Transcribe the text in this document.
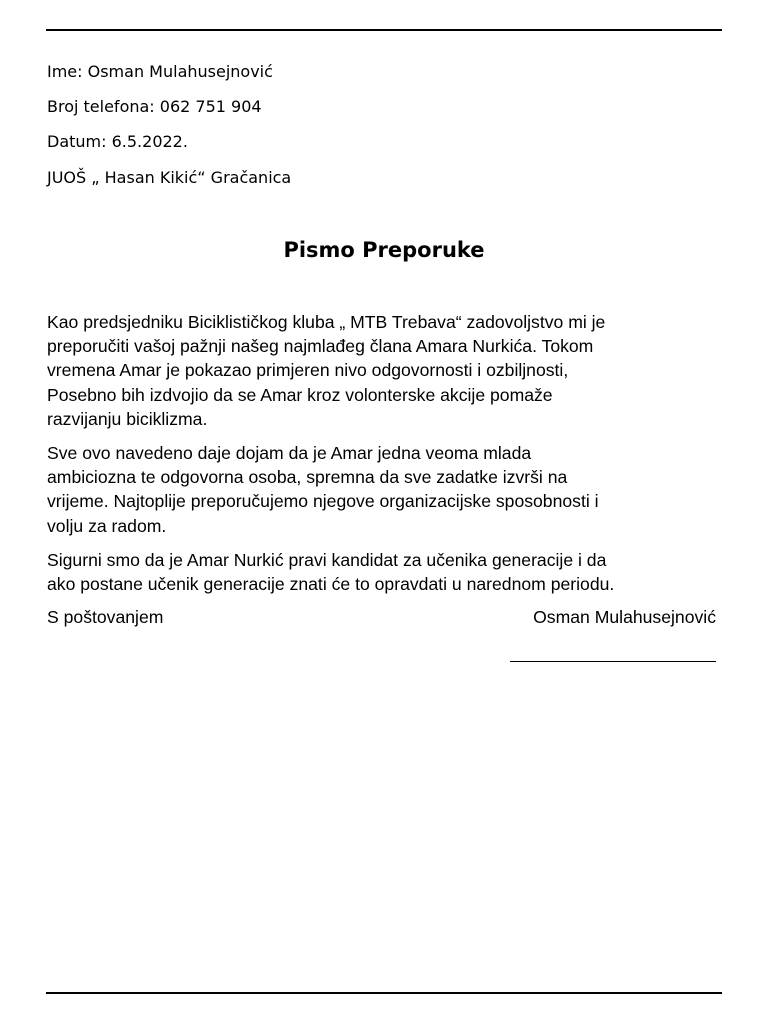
Ime: Osman Mulahusejnović
Broj telefona: 062 751 904
Datum: 6.5.2022.
JUOŠ „ Hasan Kikić“ Gračanica
Pismo Preporuke
Kao predsjedniku Biciklističkog kluba „ MTB Trebava“ zadovoljstvo mi je
preporučiti vašoj pažnji našeg najmlađeg člana Amara Nurkića. Tokom
vremena Amar je pokazao primjeren nivo odgovornosti i ozbiljnosti,
Posebno bih izdvojio da se Amar kroz volonterske akcije pomaže
razvijanju biciklizma.
Sve ovo navedeno daje dojam da je Amar jedna veoma mlada
ambiciozna te odgovorna osoba, spremna da sve zadatke izvrši na
vrijeme. Najtoplije preporučujemo njegove organizacijske sposobnosti i
volju za radom.
Sigurni smo da je Amar Nurkić pravi kandidat za učenika generacije i da
ako postane učenik generacije znati će to opravdati u narednom periodu.
S poštovanjem	Osman Mulahusejnović
